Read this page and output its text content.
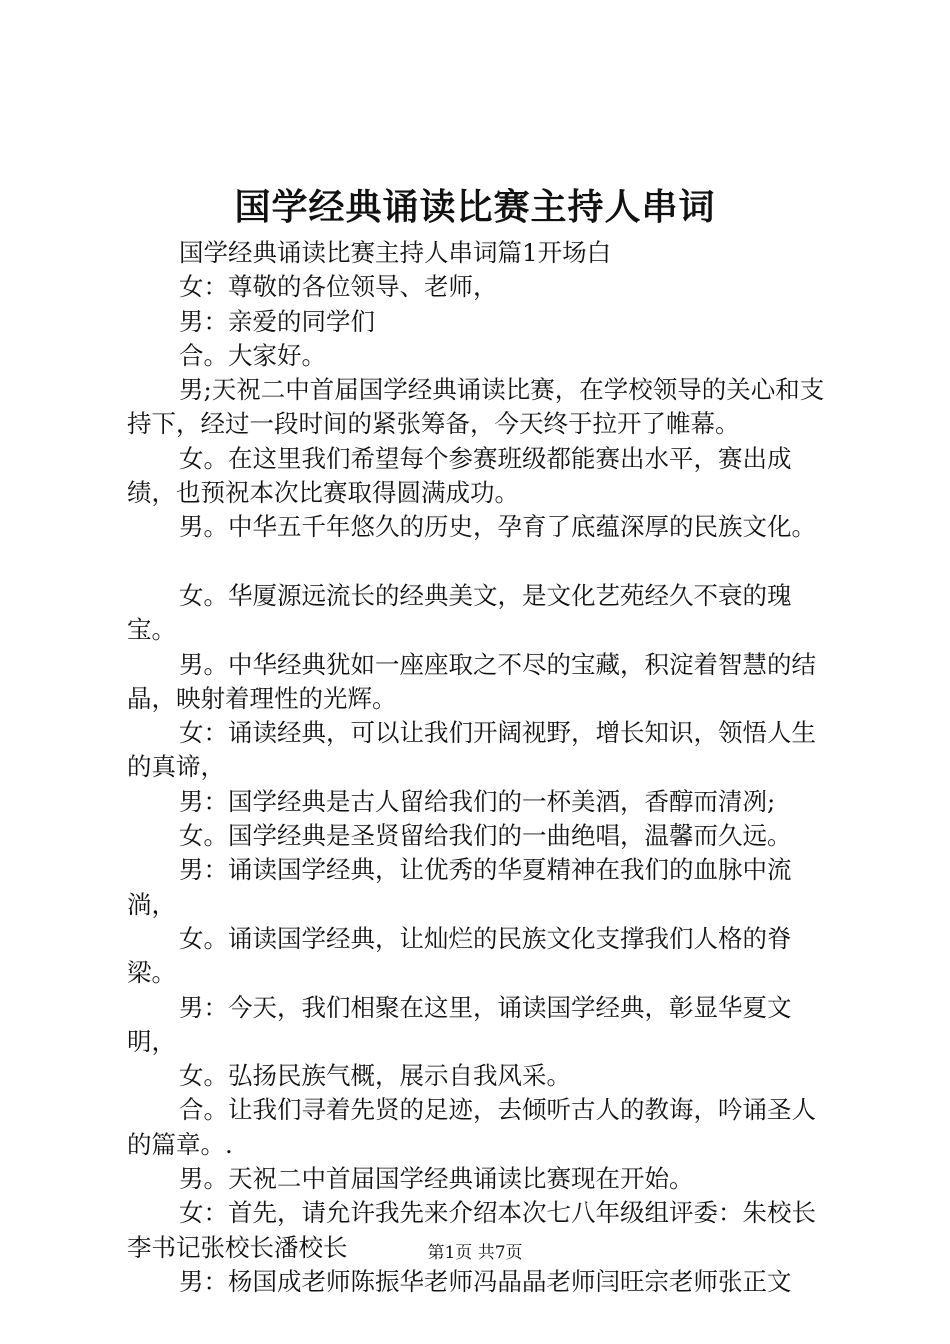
国学经典诵读比赛主持人串词

国学经典诵读比赛主持人串词篇1开场白

女：尊敬的各位领导、老师，

男：亲爱的同学们

合。大家好。

男;天祝二中首届国学经典诵读比赛，在学校领导的关心和支持下，经过一段时间的紧张筹备，今天终于拉开了帷幕。

女。在这里我们希望每个参赛班级都能赛出水平，赛出成绩，也预祝本次比赛取得圆满成功。

男。中华五千年悠久的历史，孕育了底蕴深厚的民族文化。

女。华厦源远流长的经典美文，是文化艺苑经久不衰的瑰宝。

男。中华经典犹如一座座取之不尽的宝藏，积淀着智慧的结晶，映射着理性的光辉。

女：诵读经典，可以让我们开阔视野，增长知识，领悟人生的真谛，

男：国学经典是古人留给我们的一杯美酒，香醇而清冽;

女。国学经典是圣贤留给我们的一曲绝唱，温馨而久远。

男：诵读国学经典，让优秀的华夏精神在我们的血脉中流淌，

女。诵读国学经典，让灿烂的民族文化支撑我们人格的脊梁。

男：今天，我们相聚在这里，诵读国学经典，彰显华夏文明，

女。弘扬民族气概，展示自我风采。

合。让我们寻着先贤的足迹，去倾听古人的教诲，吟诵圣人的篇章。.

男。天祝二中首届国学经典诵读比赛现在开始。

女：首先，请允许我先来介绍本次七八年级组评委：朱校长李书记张校长潘校长

男：杨国成老师陈振华老师冯晶晶老师闫旺宗老师张正文

第1页 共7页
